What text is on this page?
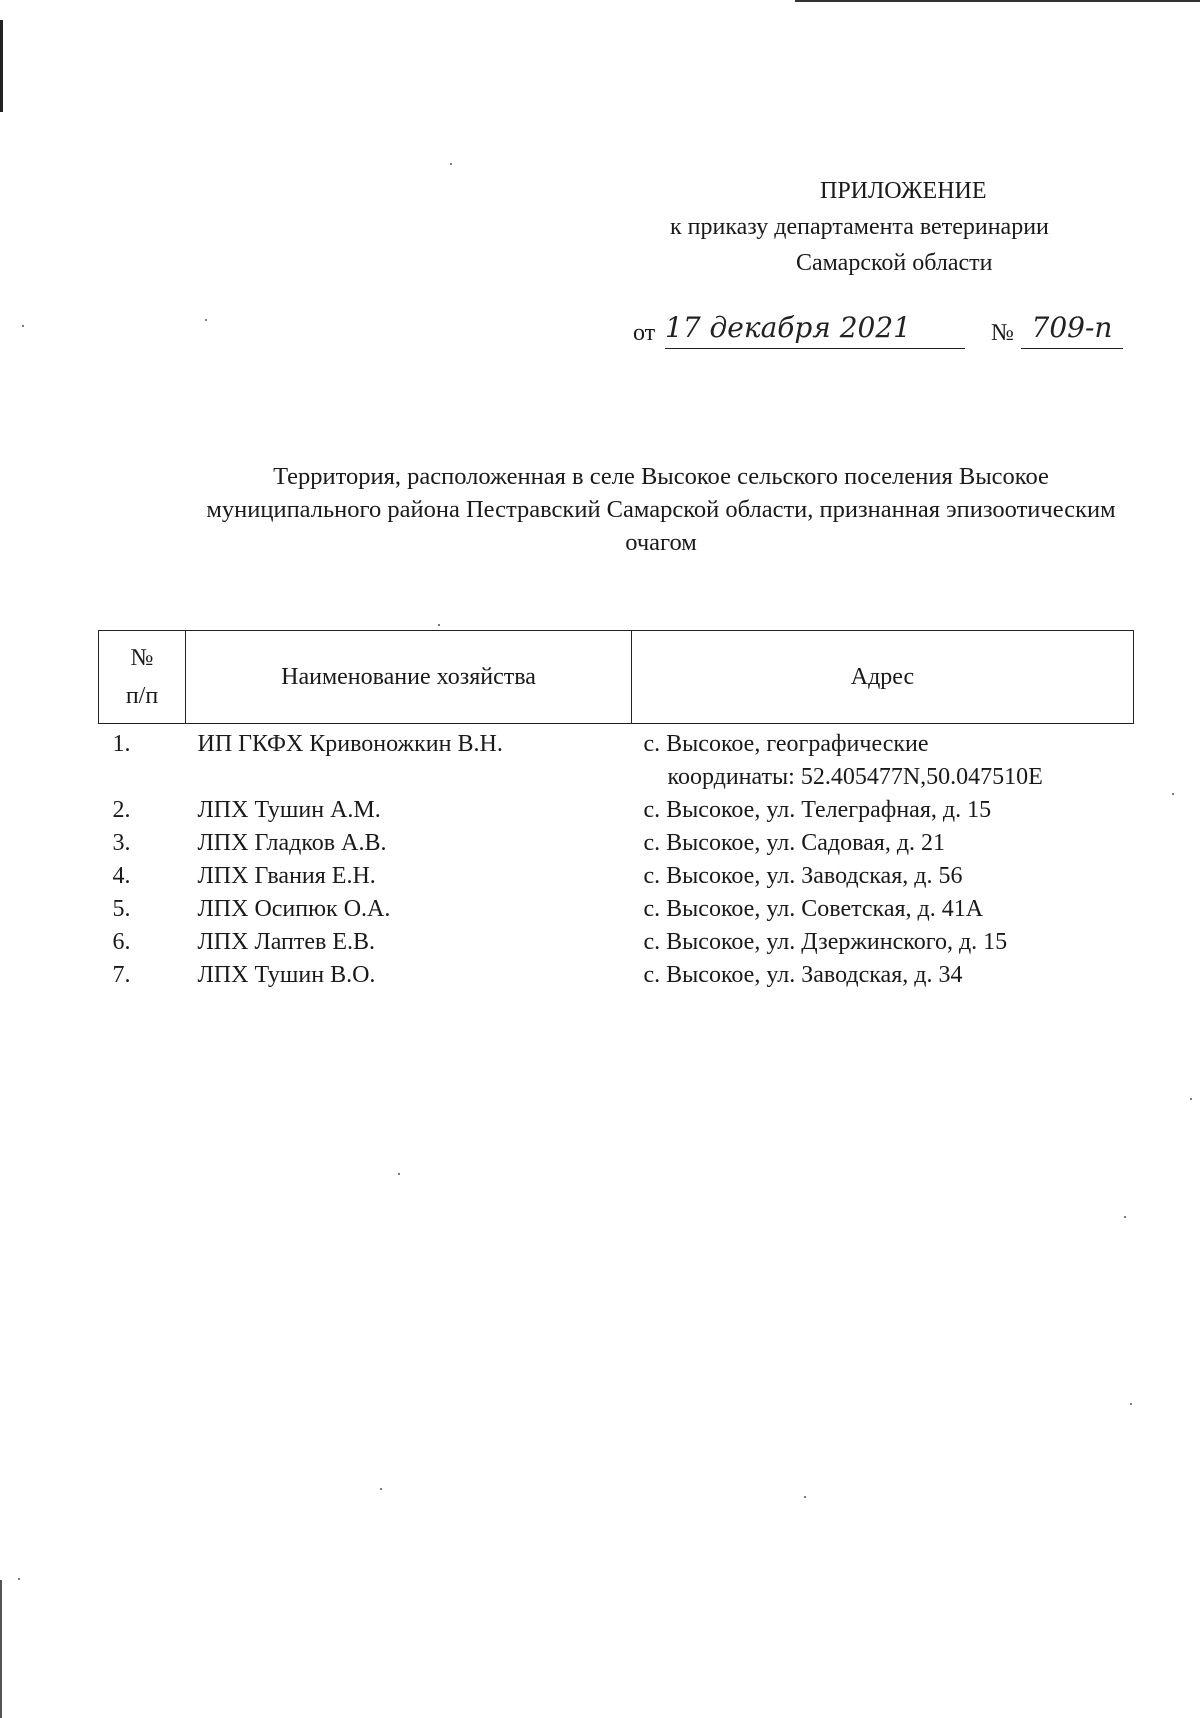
ПРИЛОЖЕНИЕ
к приказу департамента ветеринарии
Самарской области
от 17 декабря 2021	№ 709-п
Территория, расположенная в селе Высокое сельского поселения Высокое муниципального района Пестравский Самарской области, признанная эпизоотическим очагом
№
п/п	Наименование хозяйства	Адрес
1.	ИП ГКФХ Кривоножкин В.Н.	с. Высокое, географические
координаты: 52.405477N,50.047510E

2.	ЛПХ Тушин А.М.	с. Высокое, ул. Телеграфная, д. 15
3.	ЛПХ Гладков А.В.	с. Высокое, ул. Садовая, д. 21
4.	ЛПХ Гвания Е.Н.	с. Высокое, ул. Заводская, д. 56
5.	ЛПХ Осипюк О.А.	с. Высокое, ул. Советская, д. 41А
6.	ЛПХ Лаптев Е.В.	с. Высокое, ул. Дзержинского, д. 15
7.	ЛПХ Тушин В.О.	с. Высокое, ул. Заводская, д. 34
